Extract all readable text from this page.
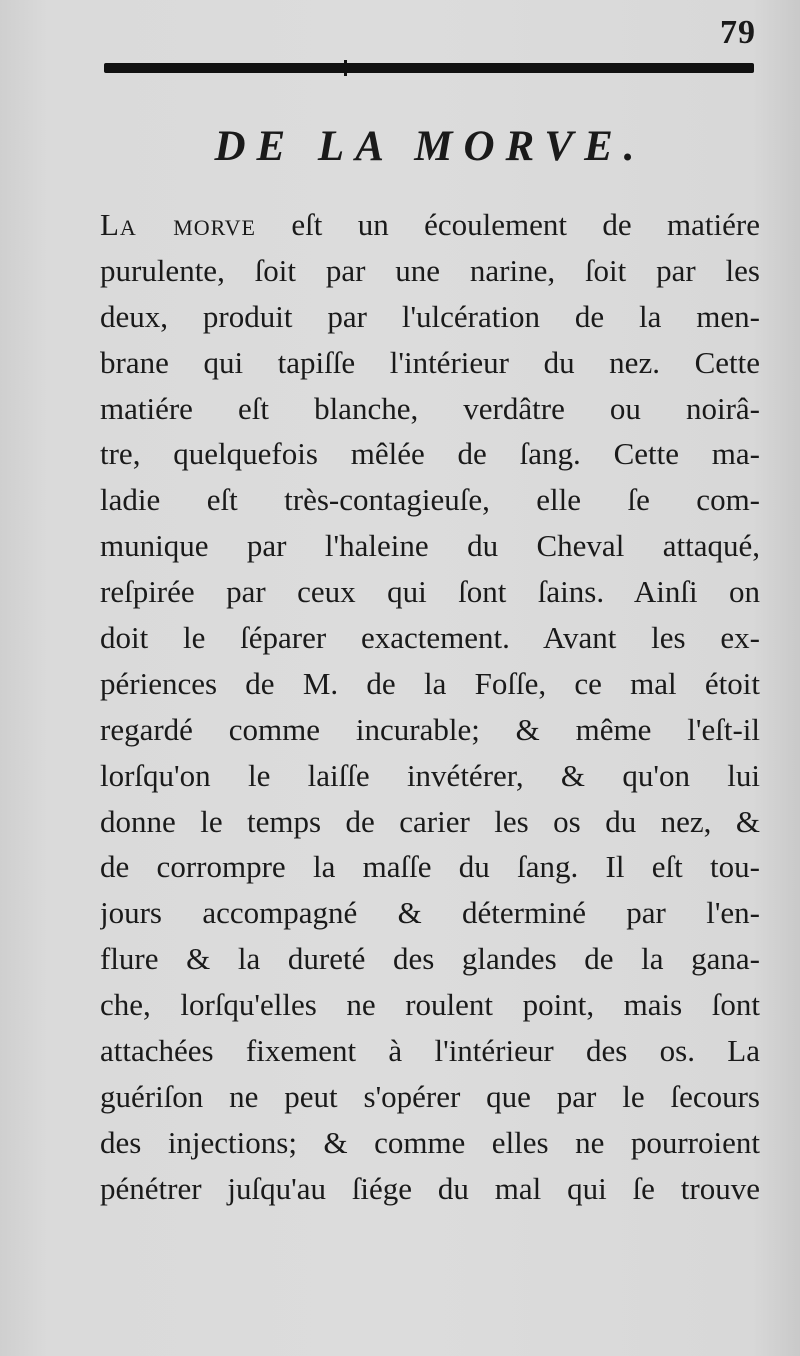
79
DE LA MORVE.
La morve eſt un écoulement de matiére
purulente, ſoit par une narine, ſoit par les
deux, produit par l'ulcération de la men-
brane qui tapiſſe l'intérieur du nez. Cette
matiére eſt blanche, verdâtre ou noirâ-
tre, quelquefois mêlée de ſang. Cette ma-
ladie eſt très-contagieuſe, elle ſe com-
munique par l'haleine du Cheval attaqué,
reſpirée par ceux qui ſont ſains. Ainſi on
doit le ſéparer exactement. Avant les ex-
périences de M. de la Foſſe, ce mal étoit
regardé comme incurable; & même l'eſt-il
lorſqu'on le laiſſe invétérer, & qu'on lui
donne le temps de carier les os du nez, &
de corrompre la maſſe du ſang. Il eſt tou-
jours accompagné & déterminé par l'en-
flure & la dureté des glandes de la gana-
che, lorſqu'elles ne roulent point, mais ſont
attachées fixement à l'intérieur des os. La
guériſon ne peut s'opérer que par le ſecours
des injections; & comme elles ne pourroient
pénétrer juſqu'au ſiége du mal qui ſe trouve
